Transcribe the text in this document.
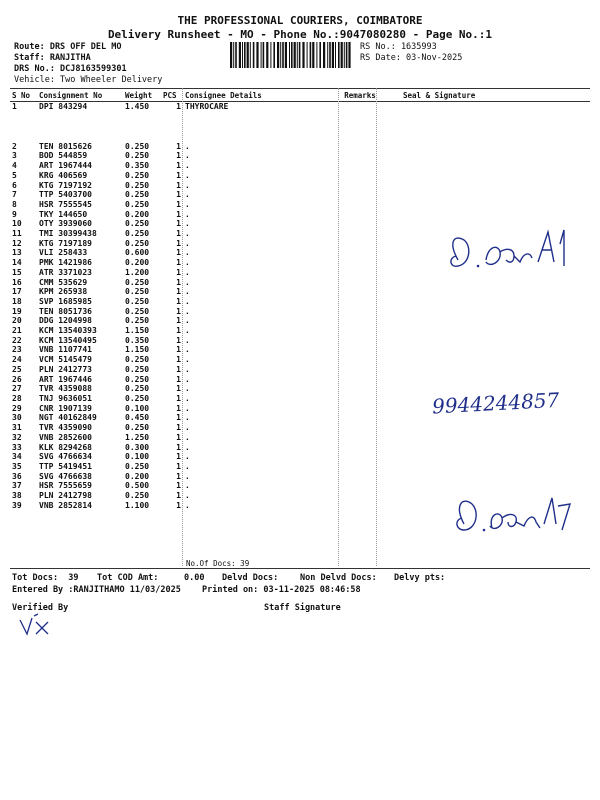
THE PROFESSIONAL COURIERS, COIMBATORE
Delivery Runsheet - MO - Phone No.:9047080280 - Page No.:1
Route: DRS OFF DEL MO
Staff: RANJITHA
DRS No.: DCJ8163599301
Vehicle: Two Wheeler Delivery
RS No.: 1635993
RS Date: 03-Nov-2025
S No	Consignment No	Weight	PCS	Consignee Details	Remarks	Seal & Signature
1	DPI 843294	1.450	1	THYROCARE		

2	TEN 8015626	0.250	1	.		
3	BOD 544859	0.250	1	.		
4	ART 1967444	0.350	1	.		
5	KRG 406569	0.250	1	.		
6	KTG 7197192	0.250	1	.		
7	TTP 5403700	0.250	1	.		
8	HSR 7555545	0.250	1	.		
9	TKY 144650	0.200	1	.		
10	OTY 3939060	0.250	1	.		
11	TMI 30399438	0.250	1	.		
12	KTG 7197189	0.250	1	.		
13	VLI 258433	0.600	1	.		
14	PMK 1421986	0.200	1	.		
15	ATR 3371023	1.200	1	.		
16	CMM 535629	0.250	1	.		
17	KPM 265938	0.250	1	.		
18	SVP 1685985	0.250	1	.		
19	TEN 8051736	0.250	1	.		
20	DDG 1204998	0.250	1	.		
21	KCM 13540393	1.150	1	.		
22	KCM 13540495	0.350	1	.		
23	VNB 1107741	1.150	1	.		
24	VCM 5145479	0.250	1	.		
25	PLN 2412773	0.250	1	.		
26	ART 1967446	0.250	1	.		
27	TVR 4359088	0.250	1	.		
28	TNJ 9636051	0.250	1	.		
29	CNR 1907139	0.100	1	.		
30	NGT 40162849	0.450	1	.		
31	TVR 4359090	0.250	1	.		
32	VNB 2852600	1.250	1	.		
33	KLK 8294268	0.300	1	.		
34	SVG 4766634	0.100	1	.		
35	TTP 5419451	0.250	1	.		
36	SVG 4766638	0.200	1	.		
37	HSR 7555659	0.500	1	.		
38	PLN 2412798	0.250	1	.		
39	VNB 2852814	1.100	1	.		
No.Of Docs: 39
Tot Docs:  39 Tot COD Amt:     0.00 Delvd Docs:	Non Delvd Docs: Delvy pts:
Entered By :RANJITHAMO 11/03/2025 Printed on: 03-11-2025 08:46:58
Verified By	Staff Signature
9944244857
